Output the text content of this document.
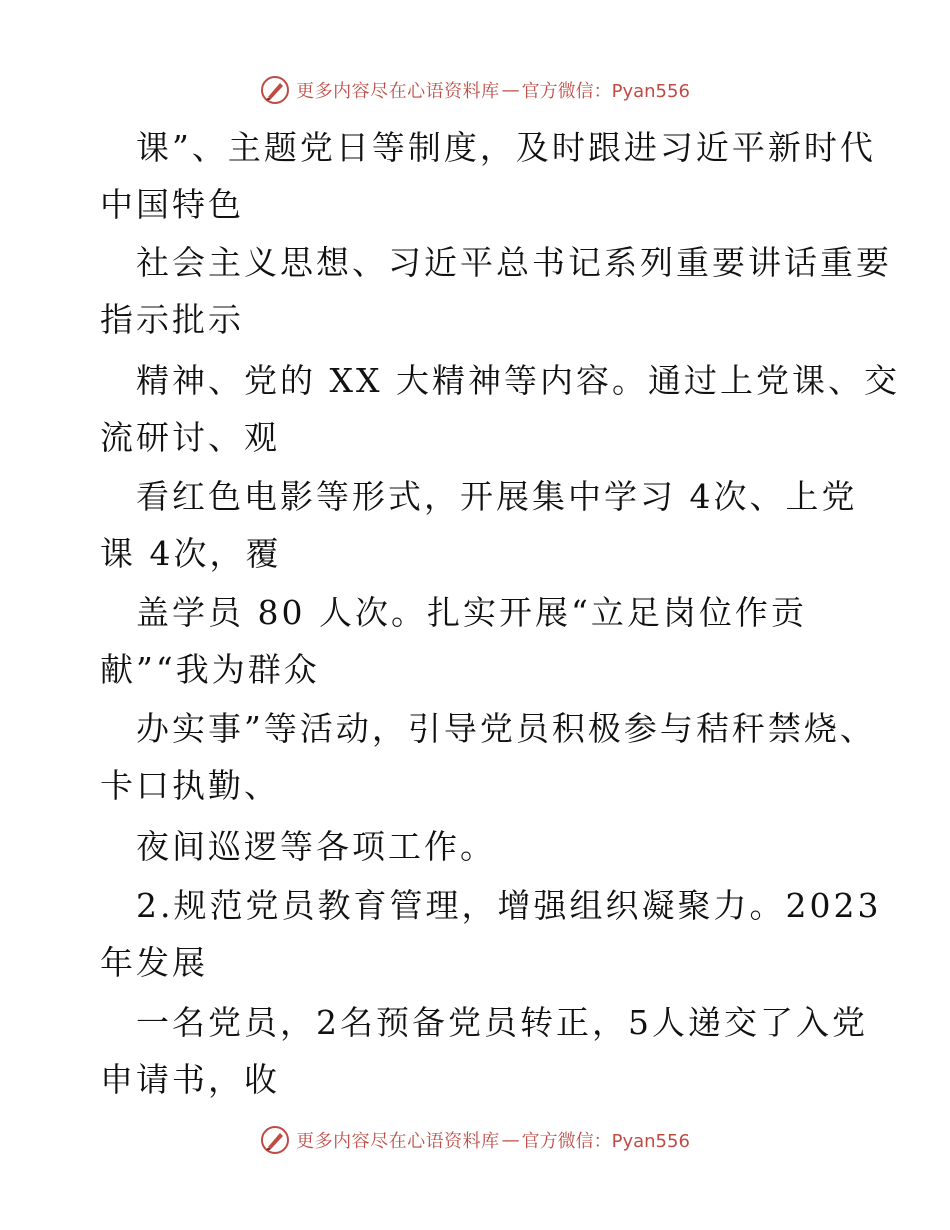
更多内容尽在心语资料库 — 官方微信：Pyan556
课”、主题党日等制度，及时跟进习近平新时代
中国特色
社会主义思想、习近平总书记系列重要讲话重要
指示批示
精神、党的 XX 大精神等内容。通过上党课、交
流研讨、观
看红色电影等形式，开展集中学习 4次、上党
课 4次，覆
盖学员 80 人次。扎实开展“立足岗位作贡
献”“我为群众
办实事”等活动，引导党员积极参与秸秆禁烧、
卡口执勤、
夜间巡逻等各项工作。
2.规范党员教育管理，增强组织凝聚力。2023
年发展
一名党员，2名预备党员转正，5人递交了入党
申请书，收
更多内容尽在心语资料库 — 官方微信：Pyan556
